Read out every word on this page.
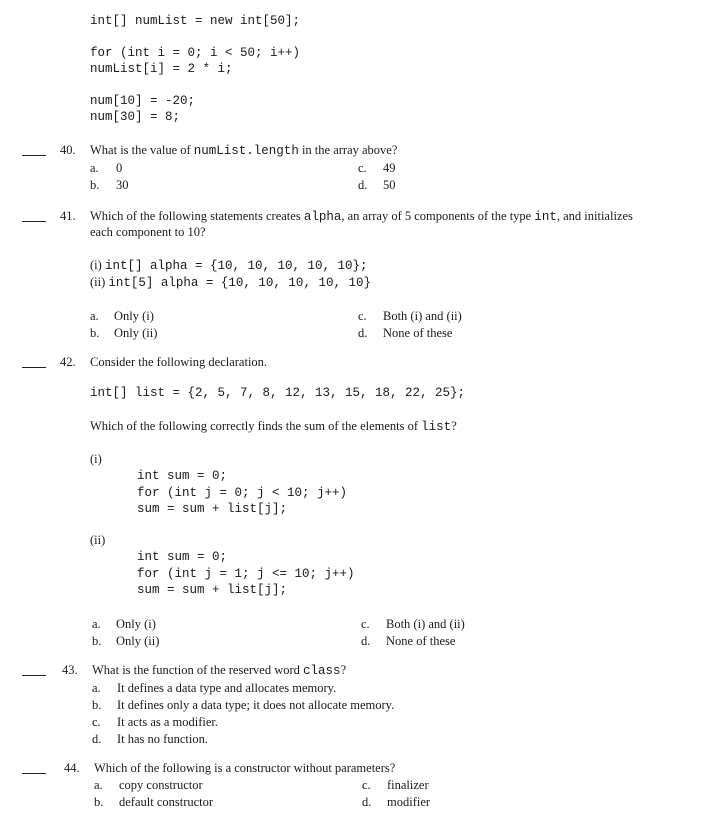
int[] numList = new int[50];
for (int i = 0; i < 50; i++)
numList[i] = 2 * i;
num[10] = -20;
num[30] = 8;
40. What is the value of numList.length in the array above?
a. 0
b. 30
c. 49
d. 50
41. Which of the following statements creates alpha, an array of 5 components of the type int, and initializes
each component to 10?
(i) int[] alpha = {10, 10, 10, 10, 10};
(ii) int[5] alpha = {10, 10, 10, 10, 10}
a. Only (i)
b. Only (ii)
c. Both (i) and (ii)
d. None of these
42. Consider the following declaration.
int[] list = {2, 5, 7, 8, 12, 13, 15, 18, 22, 25};
Which of the following correctly finds the sum of the elements of list?
(i)
int sum = 0;
for (int j = 0; j < 10; j++)
sum = sum + list[j];
(ii)
int sum = 0;
for (int j = 1; j <= 10; j++)
sum = sum + list[j];
a. Only (i)
b. Only (ii)
c. Both (i) and (ii)
d. None of these
43. What is the function of the reserved word class?
a. It defines a data type and allocates memory.
b. It defines only a data type; it does not allocate memory.
c. It acts as a modifier.
d. It has no function.
44. Which of the following is a constructor without parameters?
a. copy constructor
b. default constructor
c. finalizer
d. modifier
